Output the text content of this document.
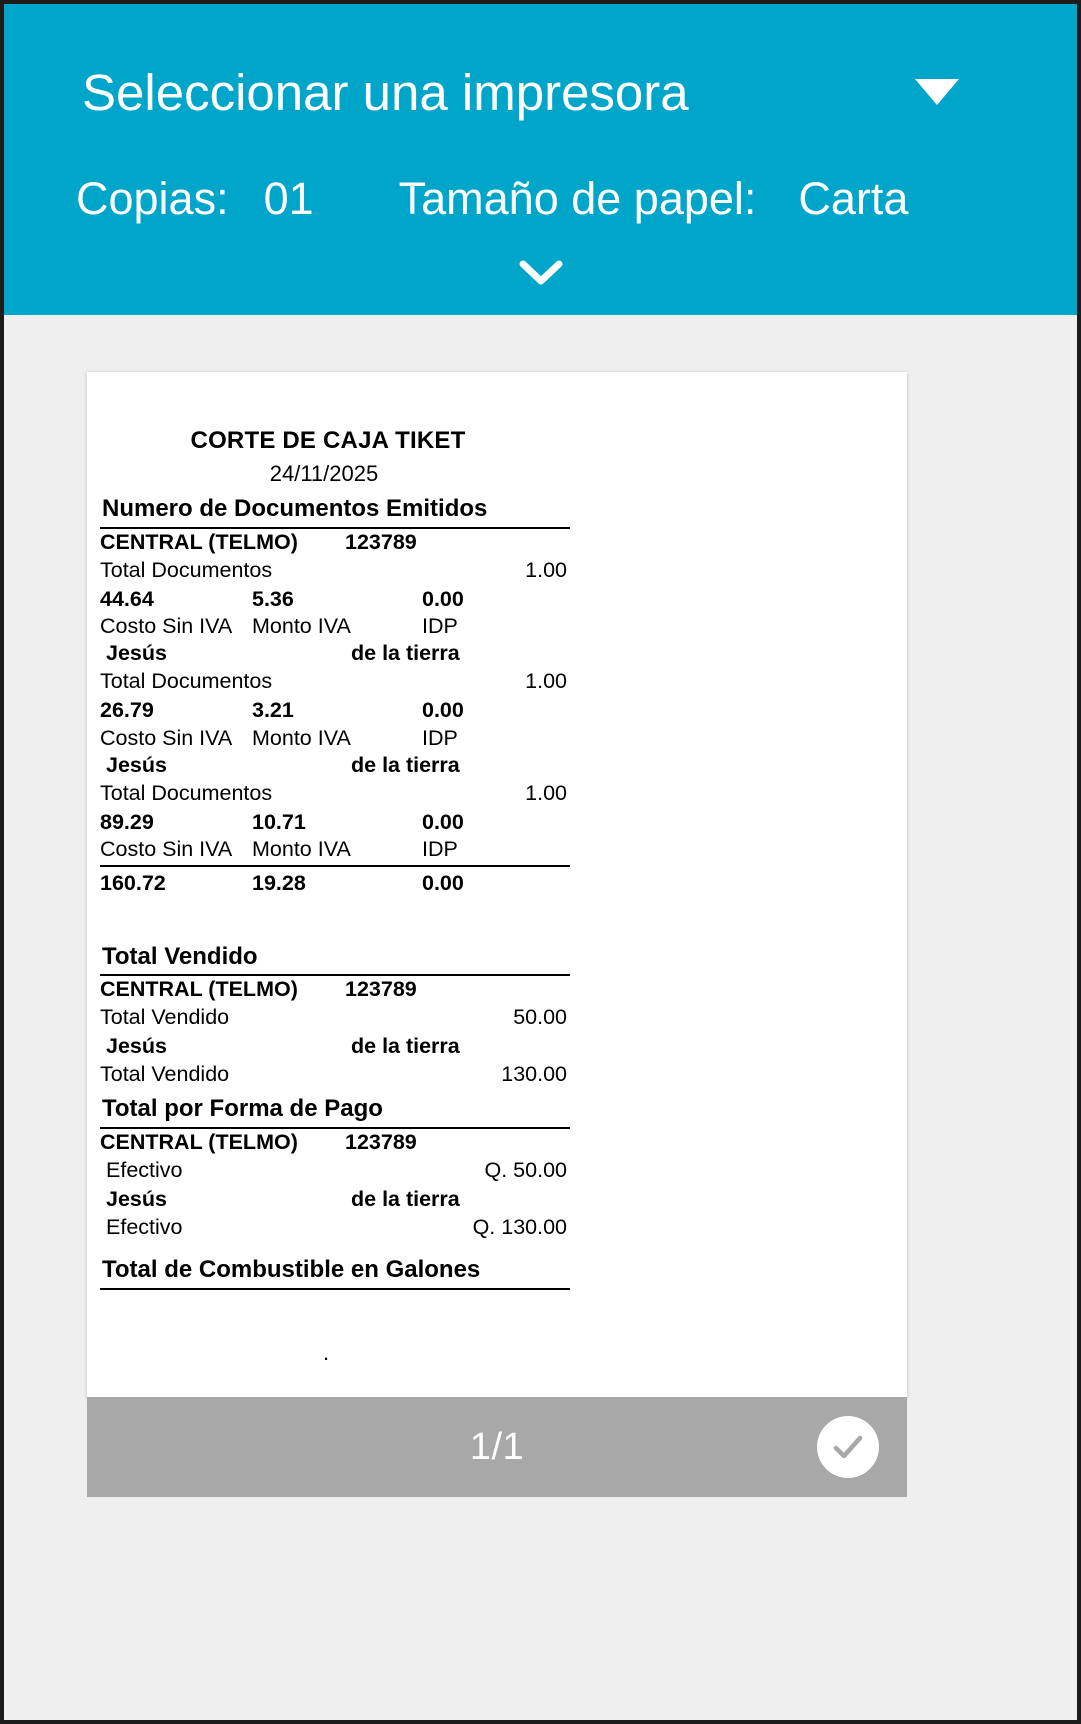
Seleccionar una impresora
Copias: 01 Tamaño de papel: Carta
CORTE DE CAJA TIKET
24/11/2025
Numero de Documentos Emitidos
CENTRAL (TELMO)	123789
Total Documentos	1.00
44.64	5.36	0.00
Costo Sin IVA Monto IVA	IDP
Jesús	de la tierra
Total Documentos	1.00
26.79	3.21	0.00
Costo Sin IVA Monto IVA	IDP
Jesús	de la tierra
Total Documentos	1.00
89.29	10.71	0.00
Costo Sin IVA Monto IVA	IDP
160.72	19.28	0.00
Total Vendido
CENTRAL (TELMO)	123789
Total Vendido	50.00
Jesús	de la tierra
Total Vendido	130.00
Total por Forma de Pago
CENTRAL (TELMO)	123789
Efectivo	Q. 50.00
Jesús	de la tierra
Efectivo	Q. 130.00
Total de Combustible en Galones
.
1/1
